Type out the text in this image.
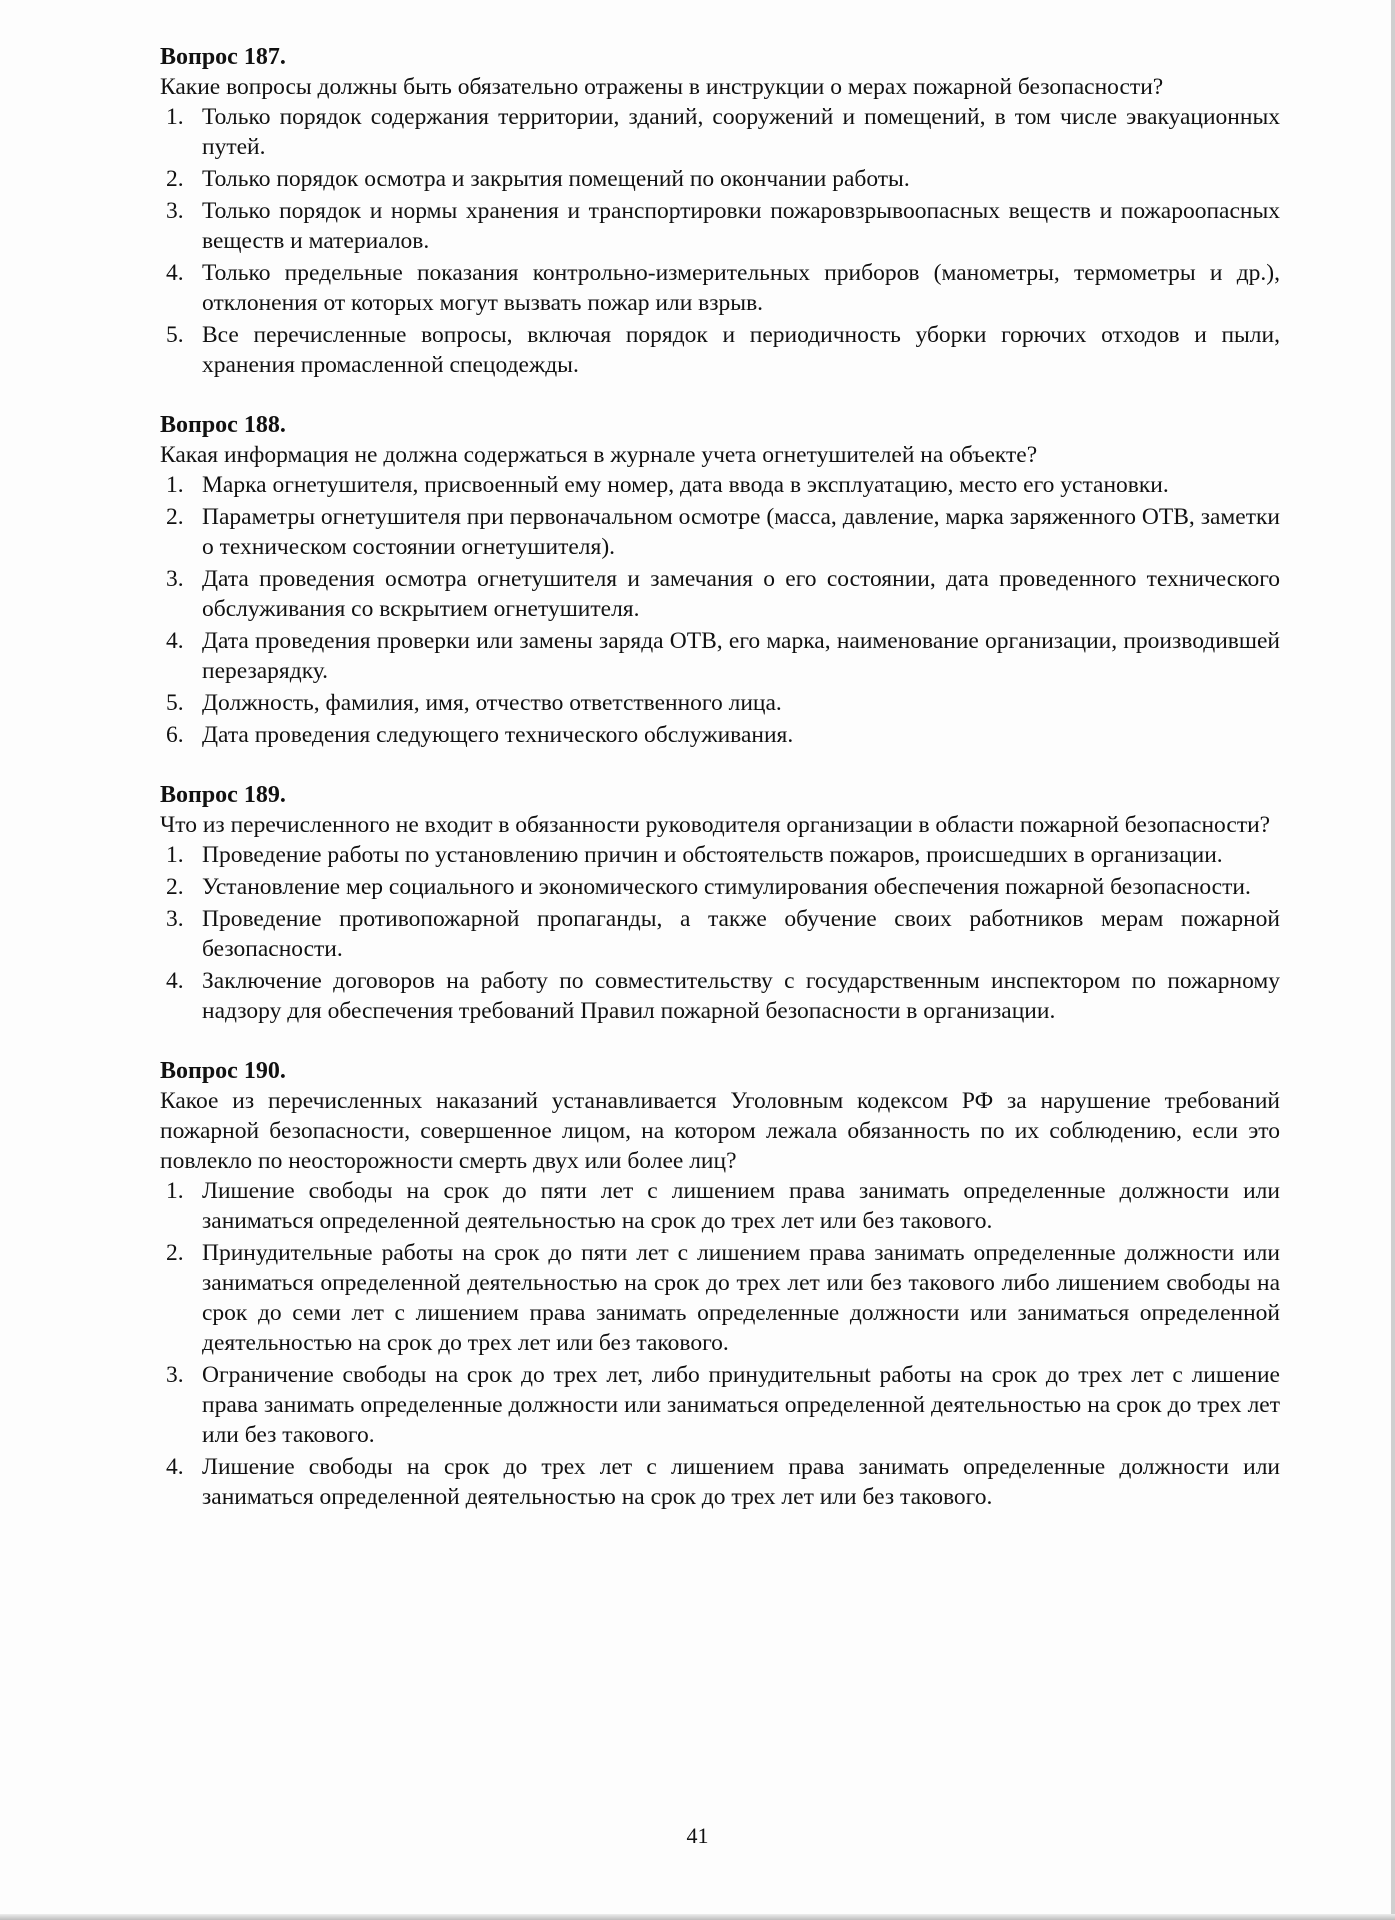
Вопрос 187.

Какие вопросы должны быть обязательно отражены в инструкции о мерах пожарной безопасности?

1. Только порядок содержания территории, зданий, сооружений и помещений, в том числе эвакуационных путей.
2. Только порядок осмотра и закрытия помещений по окончании работы.
3. Только порядок и нормы хранения и транспортировки пожаровзрывоопасных веществ и пожароопасных веществ и материалов.
4. Только предельные показания контрольно-измерительных приборов (манометры, термометры и др.), отклонения от которых могут вызвать пожар или взрыв.
5. Все перечисленные вопросы, включая порядок и периодичность уборки горючих отходов и пыли, хранения промасленной спецодежды.

Вопрос 188.

Какая информация не должна содержаться в журнале учета огнетушителей на объекте?

1. Марка огнетушителя, присвоенный ему номер, дата ввода в эксплуатацию, место его установки.
2. Параметры огнетушителя при первоначальном осмотре (масса, давление, марка заряженного ОТВ, заметки о техническом состоянии огнетушителя).
3. Дата проведения осмотра огнетушителя и замечания о его состоянии, дата проведенного технического обслуживания со вскрытием огнетушителя.
4. Дата проведения проверки или замены заряда ОТВ, его марка, наименование организации, производившей перезарядку.
5. Должность, фамилия, имя, отчество ответственного лица.
6. Дата проведения следующего технического обслуживания.

Вопрос 189.

Что из перечисленного не входит в обязанности руководителя организации в области пожарной безопасности?

1. Проведение работы по установлению причин и обстоятельств пожаров, происшедших в организации.
2. Установление мер социального и экономического стимулирования обеспечения пожарной безопасности.
3. Проведение противопожарной пропаганды, а также обучение своих работников мерам пожарной безопасности.
4. Заключение договоров на работу по совместительству с государственным инспектором по пожарному надзору для обеспечения требований Правил пожарной безопасности в организации.

Вопрос 190.

Какое из перечисленных наказаний устанавливается Уголовным кодексом РФ за нарушение требований пожарной безопасности, совершенное лицом, на котором лежала обязанность по их соблюдению, если это повлекло по неосторожности смерть двух или более лиц?

1. Лишение свободы на срок до пяти лет с лишением права занимать определенные должности или заниматься определенной деятельностью на срок до трех лет или без такового.
2. Принудительные работы на срок до пяти лет с лишением права занимать определенные должности или заниматься определенной деятельностью на срок до трех лет или без такового либо лишением свободы на срок до семи лет с лишением права занимать определенные должности или заниматься определенной деятельностью на срок до трех лет или без такового.
3. Ограничение свободы на срок до трех лет, либо принудительныt работы на срок до трех лет с лишение права занимать определенные должности или заниматься определенной деятельностью на срок до трех лет или без такового.
4. Лишение свободы на срок до трех лет с лишением права занимать определенные должности или заниматься определенной деятельностью на срок до трех лет или без такового.
41
